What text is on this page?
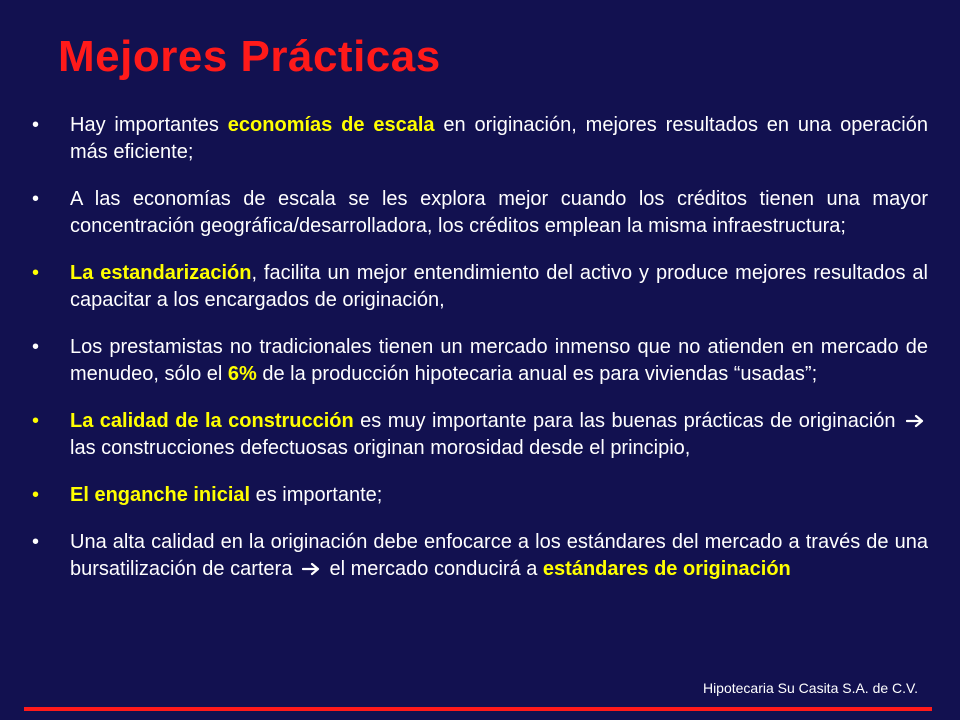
Mejores Prácticas
•	Hay importantes economías de escala en originación, mejores resultados en una operación más eficiente;
•	A las economías de escala se les explora mejor cuando los créditos tienen una mayor concentración geográfica/desarrolladora, los créditos emplean la misma infraestructura;
•	La estandarización, facilita un mejor entendimiento del activo y produce mejores resultados al capacitar a los encargados de originación,
•	Los prestamistas no tradicionales tienen un mercado inmenso que no atienden en mercado de menudeo, sólo el 6% de la producción hipotecaria anual es para viviendas “usadas”;
•	La calidad de la construcción es muy importante para las buenas prácticas de originación  las construcciones defectuosas originan morosidad desde el principio,
•	El enganche inicial es importante;
•	Una alta calidad en la originación debe enfocarce a los estándares del mercado a través de una bursatilización de cartera  el mercado conducirá a estándares de originación

Hipotecaria Su Casita S.A. de C.V.
